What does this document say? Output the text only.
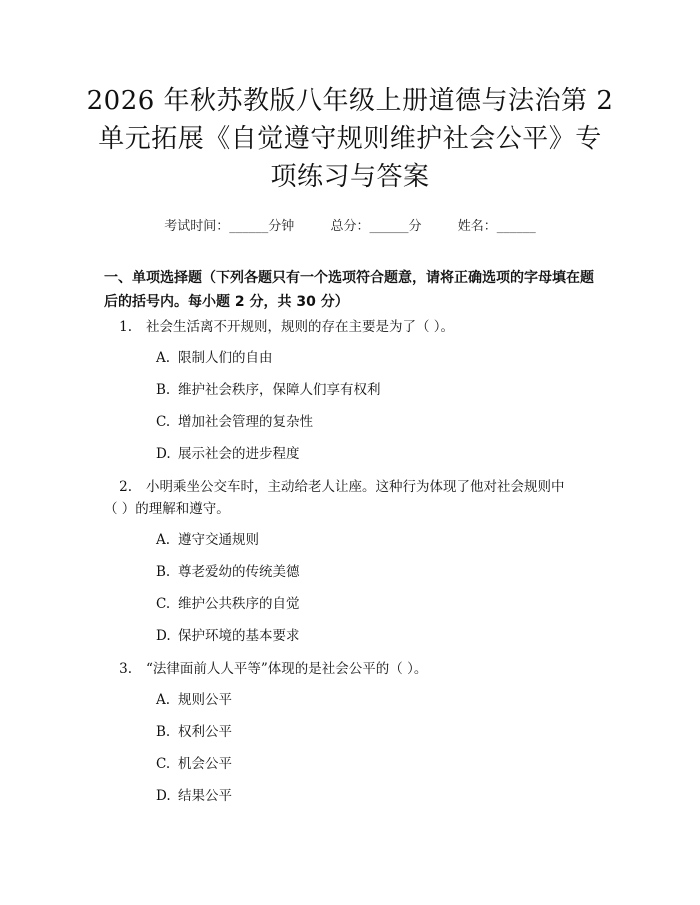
2026 年秋苏教版八年级上册道德与法治第 2
单元拓展《自觉遵守规则维护社会公平》专
项练习与答案
考试时间：______分钟	总分：______分	姓名：______
一、单项选择题（下列各题只有一个选项符合题意，请将正确选项的字母填在题
后的括号内。每小题 2 分，共 30 分）
1. 社会生活离不开规则，规则的存在主要是为了（ ）。
A. 限制人们的自由
B. 维护社会秩序，保障人们享有权利
C. 增加社会管理的复杂性
D. 展示社会的进步程度
2. 小明乘坐公交车时，主动给老人让座。这种行为体现了他对社会规则中
（ ）的理解和遵守。
A. 遵守交通规则
B. 尊老爱幼的传统美德
C. 维护公共秩序的自觉
D. 保护环境的基本要求
3. “法律面前人人平等”体现的是社会公平的（ ）。
A. 规则公平
B. 权利公平
C. 机会公平
D. 结果公平
